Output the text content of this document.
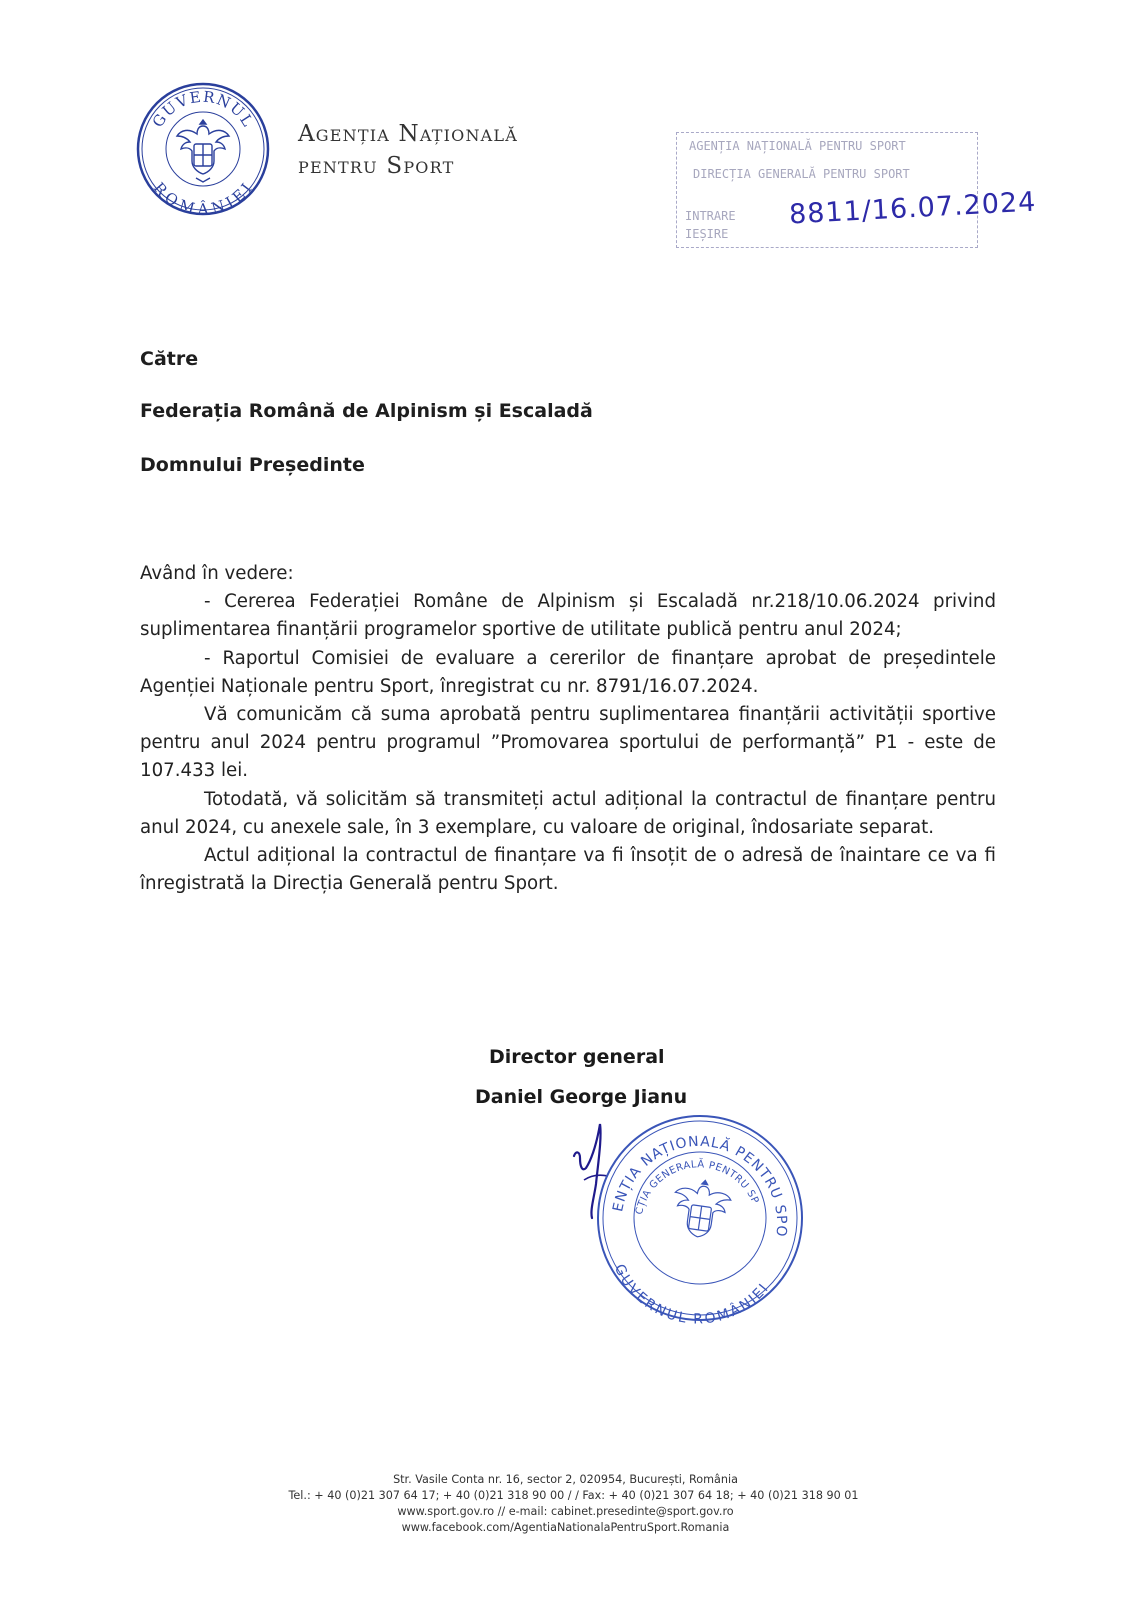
GUVERNUL
ROMÂNIEI
Agenția Națională
pentru Sport
AGENȚIA NAȚIONALĂ PENTRU SPORT
DIRECȚIA GENERALĂ PENTRU SPORT
INTRARE
IEȘIRE
8811/16.07.2024
Către
Federația Română de Alpinism și Escaladă
Domnului Președinte

Având în vedere:

- Cererea Federației Române de Alpinism și Escaladă nr.218/10.06.2024 privind suplimentarea finanțării programelor sportive de utilitate publică pentru anul 2024;

- Raportul Comisiei de evaluare a cererilor de finanțare aprobat de președintele Agenției Naționale pentru Sport, înregistrat cu nr. 8791/16.07.2024.

Vă comunicăm că suma aprobată pentru suplimentarea finanțării activității sportive pentru anul 2024 pentru programul ”Promovarea sportului de performanță” P1 - este de 107.433 lei.

Totodată, vă solicităm să transmiteți actul adițional la contractul de finanțare pentru anul 2024, cu anexele sale, în 3 exemplare, cu valoare de original, îndosariate separat.

Actul adițional la contractul de finanțare va fi însoțit de o adresă de înaintare ce va fi înregistrată la Direcția Generală pentru Sport.

Director general
Daniel George Jianu
AGENȚIA NAȚIONALĂ PENTRU SPORT
DIRECȚIA GENERALĂ PENTRU SPORT
GUVERNUL ROMÂNIEI
Str. Vasile Conta nr. 16, sector 2, 020954, București, România
Tel.: + 40 (0)21 307 64 17; + 40 (0)21 318 90 00 / / Fax: + 40 (0)21 307 64 18; + 40 (0)21 318 90 01
www.sport.gov.ro // e-mail: cabinet.presedinte@sport.gov.ro
www.facebook.com/AgentiaNationalaPentruSport.Romania
